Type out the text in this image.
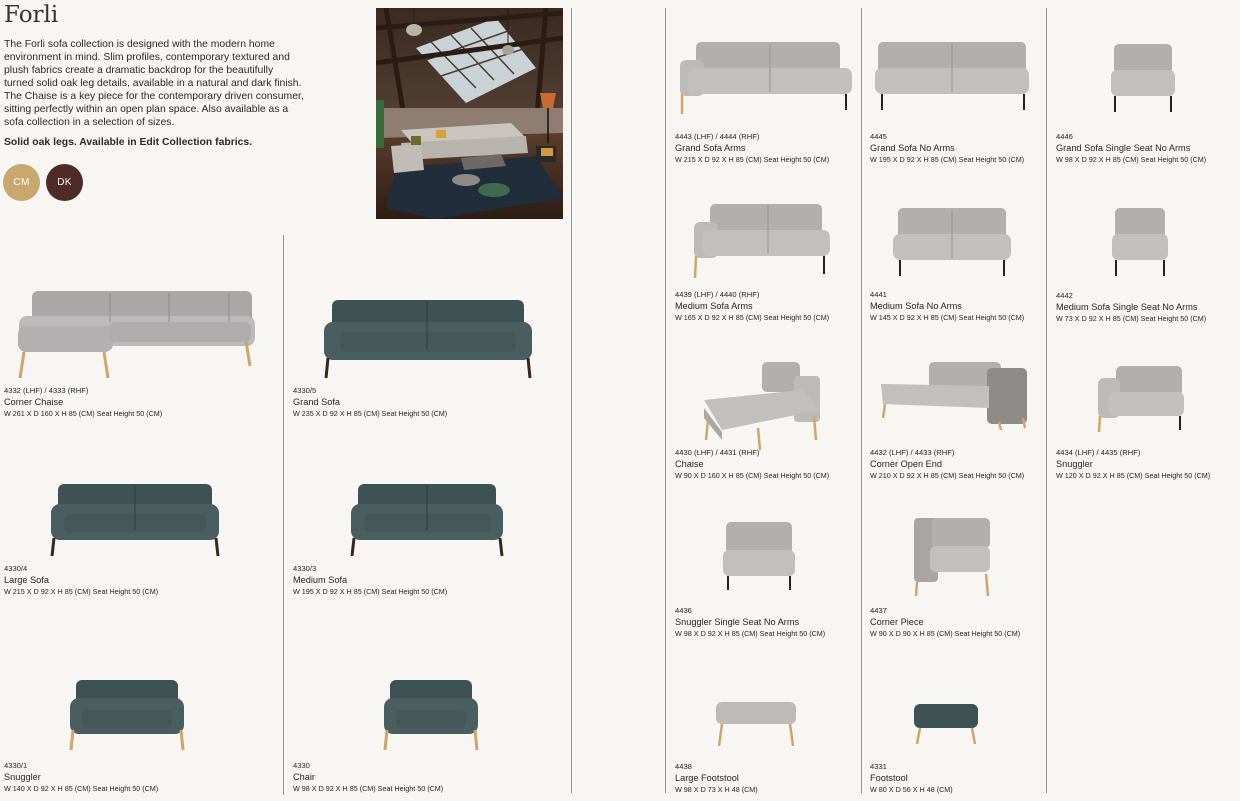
Forli

The Forli sofa collection is designed with the modern home environment in mind. Slim profiles, contemporary textured and plush fabrics create a dramatic backdrop for the beautifully turned solid oak leg details, available in a natural and dark finish. The Chaise is a key piece for the contemporary driven consumer, sitting perfectly within an open plan space. Also available as a sofa collection in a selection of sizes.

Solid oak legs. Available in Edit Collection fabrics.

CM	DK
4332 (LHF) / 4333 (RHF)
Corner Chaise
W 261 X D 160 X H 85 (CM) Seat Height 50 (CM)
4330/5
Grand Sofa
W 235 X D 92 X H 85 (CM) Seat Height 50 (CM)
4330/4
Large Sofa
W 215 X D 92 X H 85 (CM) Seat Height 50 (CM)
4330/3
Medium Sofa
W 195 X D 92 X H 85 (CM) Seat Height 50 (CM)
4330/1
Snuggler
W 140 X D 92 X H 85 (CM) Seat Height 50 (CM)
4330
Chair
W 98 X D 92 X H 85 (CM) Seat Height 50 (CM)
4443 (LHF) / 4444 (RHF)
Grand Sofa Arms
W 215 X D 92 X H 85 (CM) Seat Height 50 (CM)
4439 (LHF) / 4440 (RHF)
Medium Sofa Arms
W 165 X D 92 X H 85 (CM) Seat Height 50 (CM)
4430 (LHF) / 4431 (RHF)
Chaise
W 90 X D 160 X H 85 (CM) Seat Height 50 (CM)
4436
Snuggler Single Seat No Arms
W 98 X D 92 X H 85 (CM) Seat Height 50 (CM)
4438
Large Footstool
W 98 X D 73 X H 48 (CM)
4445
Grand Sofa No Arms
W 195 X D 92 X H 85 (CM) Seat Height 50 (CM)
4441
Medium Sofa No Arms
W 145 X D 92 X H 85 (CM) Seat Height 50 (CM)
4432 (LHF) / 4433 (RHF)
Corner Open End
W 210 X D 92 X H 85 (CM) Seat Height 50 (CM)
4437
Corner Piece
W 90 X D 90 X H 85 (CM) Seat Height 50 (CM)
4331
Footstool
W 80 X D 56 X H 48 (CM)
4446
Grand Sofa Single Seat No Arms
W 98 X D 92 X H 85 (CM) Seat Height 50 (CM)
4442
Medium Sofa Single Seat No Arms
W 73 X D 92 X H 85 (CM) Seat Height 50 (CM)
4434 (LHF) / 4435 (RHF)
Snuggler
W 120 X D 92 X H 85 (CM) Seat Height 50 (CM)
